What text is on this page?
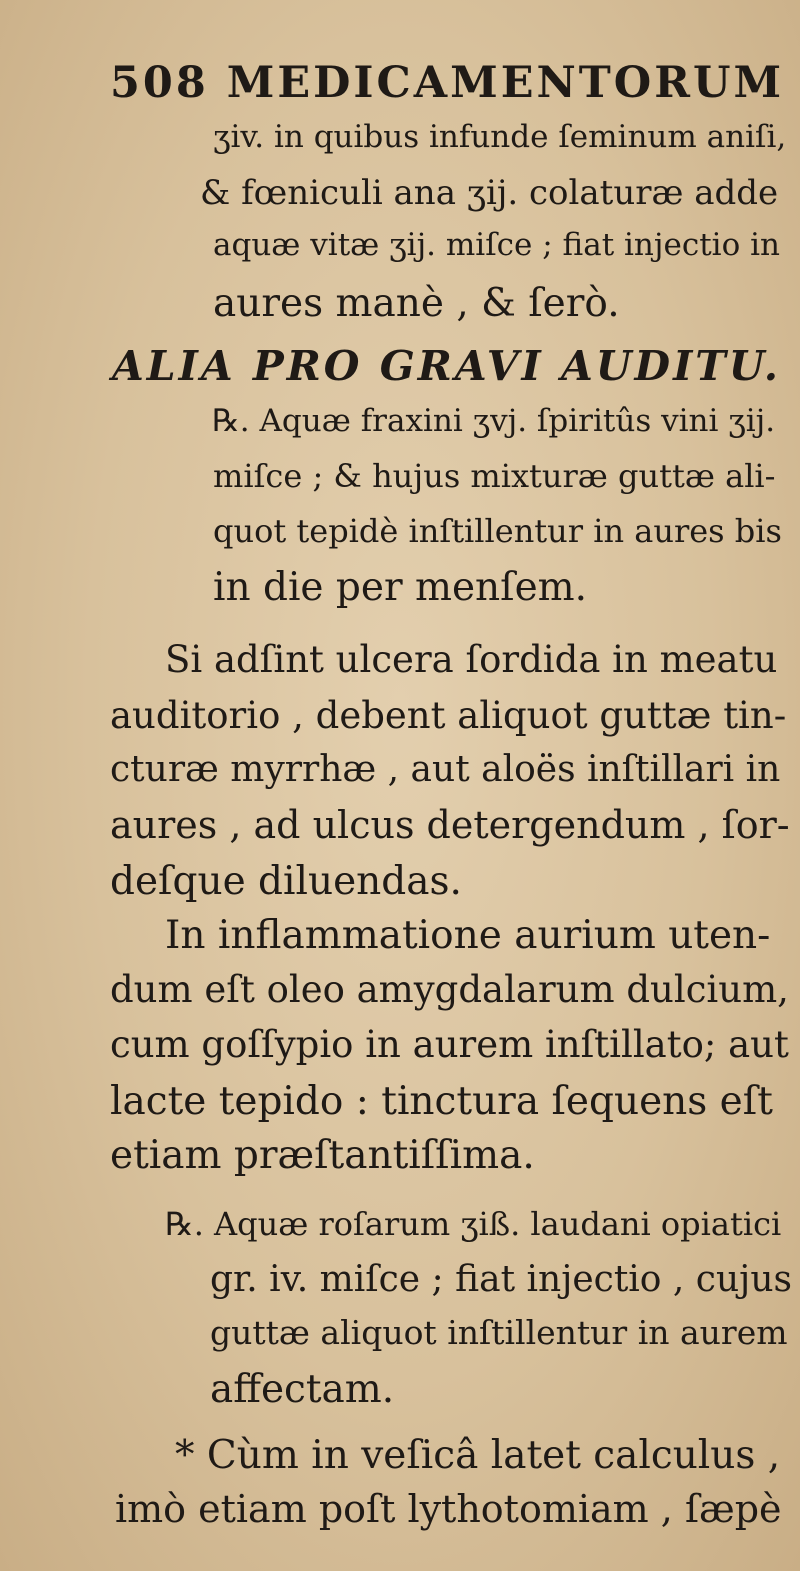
508 MEDICAMENTORUM
ʒiv. in quibus infunde ſeminum aniſi,
& fœniculi ana ʒij. colaturæ adde
aquæ vitæ ʒij. miſce ; fiat injectio in
aures manè , & ſerò.
ALIA PRO GRAVI AUDITU.
℞. Aquæ fraxini ʒvj. ſpiritûs vini ʒij.
miſce ; & hujus mixturæ guttæ ali-
quot tepidè inſtillentur in aures bis
in die per menſem.
Si adſint ulcera ſordida in meatu
auditorio , debent aliquot guttæ tin-
cturæ myrrhæ , aut aloës inſtillari in
aures , ad ulcus detergendum , ſor-
deſque diluendas.
In inflammatione aurium uten-
dum eſt oleo amygdalarum dulcium,
cum goſſypio in aurem inſtillato; aut
lacte tepido : tinctura ſequens eſt
etiam præſtantiſſima.
℞. Aquæ roſarum ʒiß. laudani opiatici
gr. iv. miſce ; fiat injectio , cujus
guttæ aliquot inſtillentur in aurem
affectam.
* Cùm in veſicâ latet calculus ,
imò etiam poſt lythotomiam , ſæpè
